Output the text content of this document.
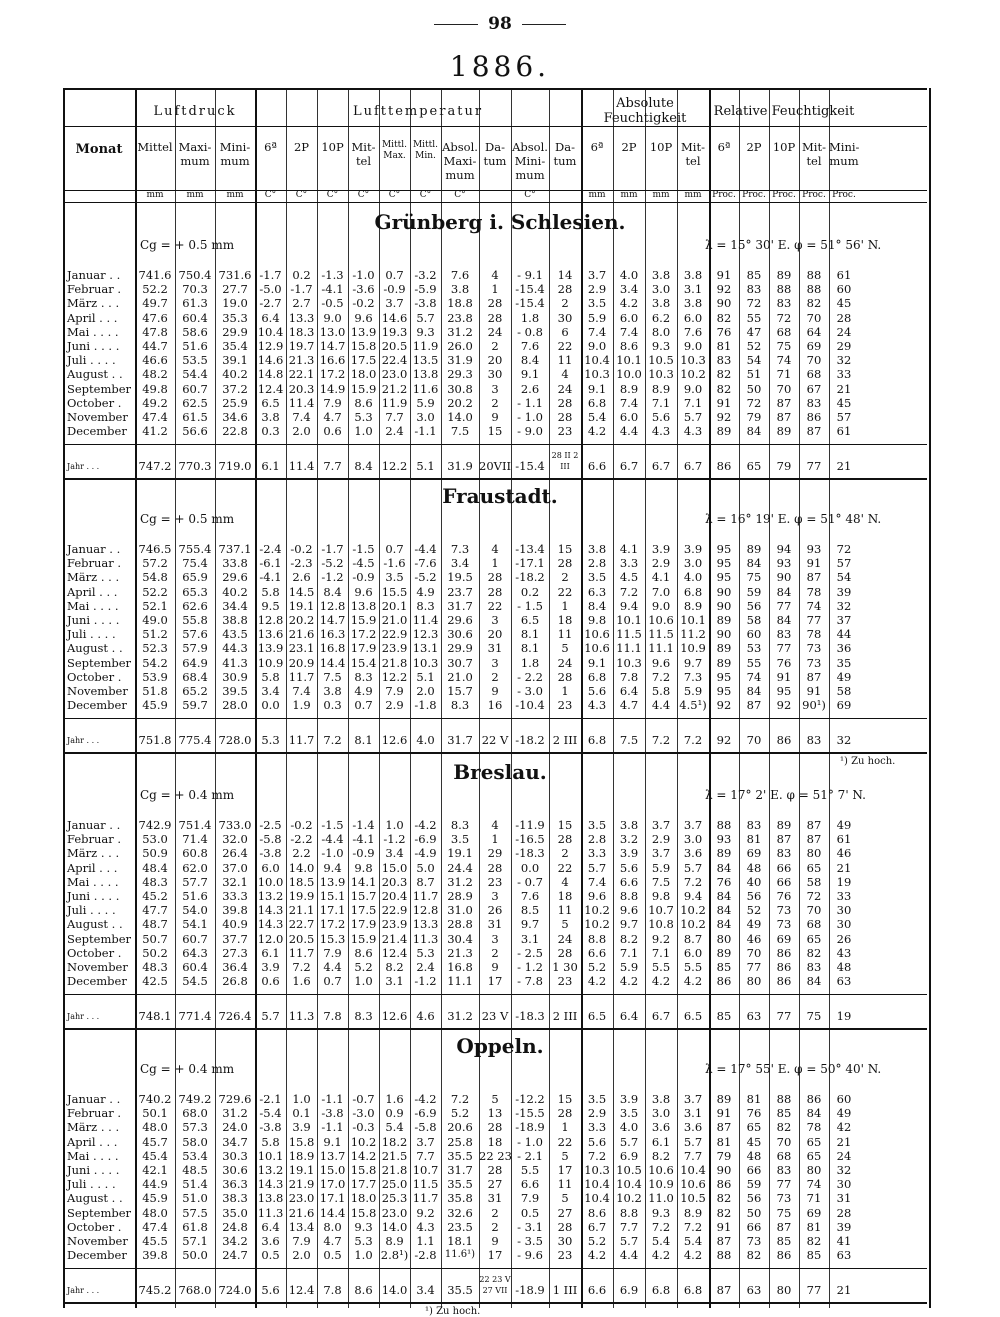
98
1886.
Monat
Luftdruck	Lufttemperatur
Absolute Feuchtigkeit	Relative Feuchtigkeit
Mittel Maxi- mum
Mini- mum
6ª	2P	10P Mit- tel
Mittl. Max.
Mittl. Min.
Absol. Maxi- mum
Da- tum
Absol. Mini- mum
Da- tum
6ª	2P	10P Mit- tel
6ª	2P 10P Mit- tel
Mini- mum
mm	mm	mm	C°	C°	C°	C°	C°	C°	C°	C°	mm	mm	mm	mm	Proc. Proc. Proc. Proc. Proc.
Grünberg i. Schlesien.
Cg = + 0.5 mm	λ = 15° 30' E. φ = 51° 56' N.
Januar . .	741.6	750.4	731.6	-1.7	0.2	-1.3	-1.0	0.7	-3.2	7.6	4	- 9.1	14	3.7	4.0	3.8	3.8	91	85	89	88	61
Februar .	52.2	70.3	27.7	-5.0	-1.7	-4.1	-3.6	-0.9	-5.9	3.8	1	-15.4	28	2.9	3.4	3.0	3.1	92	83	88	88	60
März . . .	49.7	61.3	19.0	-2.7	2.7	-0.5	-0.2	3.7	-3.8	18.8	28	-15.4	2	3.5	4.2	3.8	3.8	90	72	83	82	45
April . . .	47.6	60.4	35.3	6.4	13.3	9.0	9.6	14.6	5.7	23.8	28	1.8	30	5.9	6.0	6.2	6.0	82	55	72	70	28
Mai . . . .	47.8	58.6	29.9	10.4	18.3	13.0	13.9	19.3	9.3	31.2	24	- 0.8	6	7.4	7.4	8.0	7.6	76	47	68	64	24
Juni . . . .	44.7	51.6	35.4	12.9	19.7	14.7	15.8	20.5	11.9	26.0	2	7.6	22	9.0	8.6	9.3	9.0	81	52	75	69	29
Juli . . . .	46.6	53.5	39.1	14.6	21.3	16.6	17.5	22.4	13.5	31.9	20	8.4	11	10.4	10.1	10.5	10.3	83	54	74	70	32
August . .	48.2	54.4	40.2	14.8	22.1	17.2	18.0	23.0	13.8	29.3	30	9.1	4	10.3	10.0	10.3	10.2	82	51	71	68	33
September	49.8	60.7	37.2	12.4	20.3	14.9	15.9	21.2	11.6	30.8	3	2.6	24	9.1	8.9	8.9	9.0	82	50	70	67	21
October .	49.2	62.5	25.9	6.5	11.4	7.9	8.6	11.9	5.9	20.2	2	- 1.1	28	6.8	7.4	7.1	7.1	91	72	87	83	45
November	47.4	61.5	34.6	3.8	7.4	4.7	5.3	7.7	3.0	14.0	9	- 1.0	28	5.4	6.0	5.6	5.7	92	79	87	86	57
December	41.2	56.6	22.8	0.3	2.0	0.6	1.0	2.4	-1.1	7.5	15	- 9.0	23	4.2	4.4	4.3	4.3	89	84	89	87	61
Jahr . . .	747.2	770.3	719.0	6.1	11.4	7.7	8.4	12.2	5.1	31.9	20VII	-15.4	28 II 2 III	6.6	6.7	6.7	6.7	86	65	79	77	21
Fraustadt.
Cg = + 0.5 mm	λ = 16° 19' E. φ = 51° 48' N.
Januar . .	746.5	755.4	737.1	-2.4	-0.2	-1.7	-1.5	0.7	-4.4	7.3	4	-13.4	15	3.8	4.1	3.9	3.9	95	89	94	93	72
Februar .	57.2	75.4	33.8	-6.1	-2.3	-5.2	-4.5	-1.6	-7.6	3.4	1	-17.1	28	2.8	3.3	2.9	3.0	95	84	93	91	57
März . . .	54.8	65.9	29.6	-4.1	2.6	-1.2	-0.9	3.5	-5.2	19.5	28	-18.2	2	3.5	4.5	4.1	4.0	95	75	90	87	54
April . . .	52.2	65.3	40.2	5.8	14.5	8.4	9.6	15.5	4.9	23.7	28	0.2	22	6.3	7.2	7.0	6.8	90	59	84	78	39
Mai . . . .	52.1	62.6	34.4	9.5	19.1	12.8	13.8	20.1	8.3	31.7	22	- 1.5	1	8.4	9.4	9.0	8.9	90	56	77	74	32
Juni . . . .	49.0	55.8	38.8	12.8	20.2	14.7	15.9	21.0	11.4	29.6	3	6.5	18	9.8	10.1	10.6	10.1	89	58	84	77	37
Juli . . . .	51.2	57.6	43.5	13.6	21.6	16.3	17.2	22.9	12.3	30.6	20	8.1	11	10.6	11.5	11.5	11.2	90	60	83	78	44
August . .	52.3	57.9	44.3	13.9	23.1	16.8	17.9	23.9	13.1	29.9	31	8.1	5	10.6	11.1	11.1	10.9	89	53	77	73	36
September	54.2	64.9	41.3	10.9	20.9	14.4	15.4	21.8	10.3	30.7	3	1.8	24	9.1	10.3	9.6	9.7	89	55	76	73	35
October .	53.9	68.4	30.9	5.8	11.7	7.5	8.3	12.2	5.1	21.0	2	- 2.2	28	6.8	7.8	7.2	7.3	95	74	91	87	49
November	51.8	65.2	39.5	3.4	7.4	3.8	4.9	7.9	2.0	15.7	9	- 3.0	1	5.6	6.4	5.8	5.9	95	84	95	91	58
December	45.9	59.7	28.0	0.0	1.9	0.3	0.7	2.9	-1.8	8.3	16	-10.4	23	4.3	4.7	4.4	4.5¹)	92	87	92	90¹)	69
Jahr . . .	751.8	775.4	728.0	5.3	11.7	7.2	8.1	12.6	4.0	31.7	22 V	-18.2	2 III	6.8	7.5	7.2	7.2	92	70	86	83	32
¹) Zu hoch.
Breslau.
Cg = + 0.4 mm	λ = 17° 2' E. φ = 51° 7' N.
Januar . .	742.9	751.4	733.0	-2.5	-0.2	-1.5	-1.4	1.0	-4.2	8.3	4	-11.9	15	3.5	3.8	3.7	3.7	88	83	89	87	49
Februar .	53.0	71.4	32.0	-5.8	-2.2	-4.4	-4.1	-1.2	-6.9	3.5	1	-16.5	28	2.8	3.2	2.9	3.0	93	81	87	87	61
März . . .	50.9	60.8	26.4	-3.8	2.2	-1.0	-0.9	3.4	-4.9	19.1	29	-18.3	2	3.3	3.9	3.7	3.6	89	69	83	80	46
April . . .	48.4	62.0	37.0	6.0	14.0	9.4	9.8	15.0	5.0	24.4	28	0.0	22	5.7	5.6	5.9	5.7	84	48	66	65	21
Mai . . . .	48.3	57.7	32.1	10.0	18.5	13.9	14.1	20.3	8.7	31.2	23	- 0.7	4	7.4	6.6	7.5	7.2	76	40	66	58	19
Juni . . . .	45.2	51.6	33.3	13.2	19.9	15.1	15.7	20.4	11.7	28.9	3	7.6	18	9.6	8.8	9.8	9.4	84	56	76	72	33
Juli . . . .	47.7	54.0	39.8	14.3	21.1	17.1	17.5	22.9	12.8	31.0	26	8.5	11	10.2	9.6	10.7	10.2	84	52	73	70	30
August . .	48.7	54.1	40.9	14.3	22.7	17.2	17.9	23.9	13.3	28.8	31	9.7	5	10.2	9.7	10.8	10.2	84	49	73	68	30
September	50.7	60.7	37.7	12.0	20.5	15.3	15.9	21.4	11.3	30.4	3	3.1	24	8.8	8.2	9.2	8.7	80	46	69	65	26
October .	50.2	64.3	27.3	6.1	11.7	7.9	8.6	12.4	5.3	21.3	2	- 2.5	28	6.6	7.1	7.1	6.0	89	70	86	82	43
November	48.3	60.4	36.4	3.9	7.2	4.4	5.2	8.2	2.4	16.8	9	- 1.2	1 30	5.2	5.9	5.5	5.5	85	77	86	83	48
December	42.5	54.5	26.8	0.6	1.6	0.7	1.0	3.1	-1.2	11.1	17	- 7.8	23	4.2	4.2	4.2	4.2	86	80	86	84	63
Jahr . . .	748.1	771.4	726.4	5.7	11.3	7.8	8.3	12.6	4.6	31.2	23 V	-18.3	2 III	6.5	6.4	6.7	6.5	85	63	77	75	19
Oppeln.
Cg = + 0.4 mm	λ = 17° 55' E. φ = 50° 40' N.
Januar . .	740.2	749.2	729.6	-2.1	1.0	-1.1	-0.7	1.6	-4.2	7.2	5	-12.2	15	3.5	3.9	3.8	3.7	89	81	88	86	60
Februar .	50.1	68.0	31.2	-5.4	0.1	-3.8	-3.0	0.9	-6.9	5.2	13	-15.5	28	2.9	3.5	3.0	3.1	91	76	85	84	49
März . . .	48.0	57.3	24.0	-3.8	3.9	-1.1	-0.3	5.4	-5.8	20.6	28	-18.9	1	3.3	4.0	3.6	3.6	87	65	82	78	42
April . . .	45.7	58.0	34.7	5.8	15.8	9.1	10.2	18.2	3.7	25.8	18	- 1.0	22	5.6	5.7	6.1	5.7	81	45	70	65	21
Mai . . . .	45.4	53.4	30.3	10.1	18.9	13.7	14.2	21.5	7.7	35.5	22 23	- 2.1	5	7.2	6.9	8.2	7.7	79	48	68	65	24
Juni . . . .	42.1	48.5	30.6	13.2	19.1	15.0	15.8	21.8	10.7	31.7	28	5.5	17	10.3	10.5	10.6	10.4	90	66	83	80	32
Juli . . . .	44.9	51.4	36.3	14.3	21.9	17.0	17.7	25.0	11.5	35.5	27	6.6	11	10.4	10.4	10.9	10.6	86	59	77	74	30
August . .	45.9	51.0	38.3	13.8	23.0	17.1	18.0	25.3	11.7	35.8	31	7.9	5	10.4	10.2	11.0	10.5	82	56	73	71	31
September	48.0	57.5	35.0	11.3	21.6	14.4	15.8	23.0	9.2	32.6	2	0.5	27	8.6	8.8	9.3	8.9	82	50	75	69	28
October .	47.4	61.8	24.8	6.4	13.4	8.0	9.3	14.0	4.3	23.5	2	- 3.1	28	6.7	7.7	7.2	7.2	91	66	87	81	39
November	45.5	57.1	34.2	3.6	7.9	4.7	5.3	8.9	1.1	18.1	9	- 3.5	30	5.2	5.7	5.4	5.4	87	73	85	82	41
December	39.8	50.0	24.7	0.5	2.0	0.5	1.0	2.8¹)	-2.8	11.6¹)	17	- 9.6	23	4.2	4.4	4.2	4.2	88	82	86	85	63
Jahr . . .	745.2	768.0	724.0	5.6	12.4	7.8	8.6	14.0	3.4	35.5	22 23 V 27 VII	-18.9	1 III	6.6	6.9	6.8	6.8	87	63	80	77	21
¹) Zu hoch.
